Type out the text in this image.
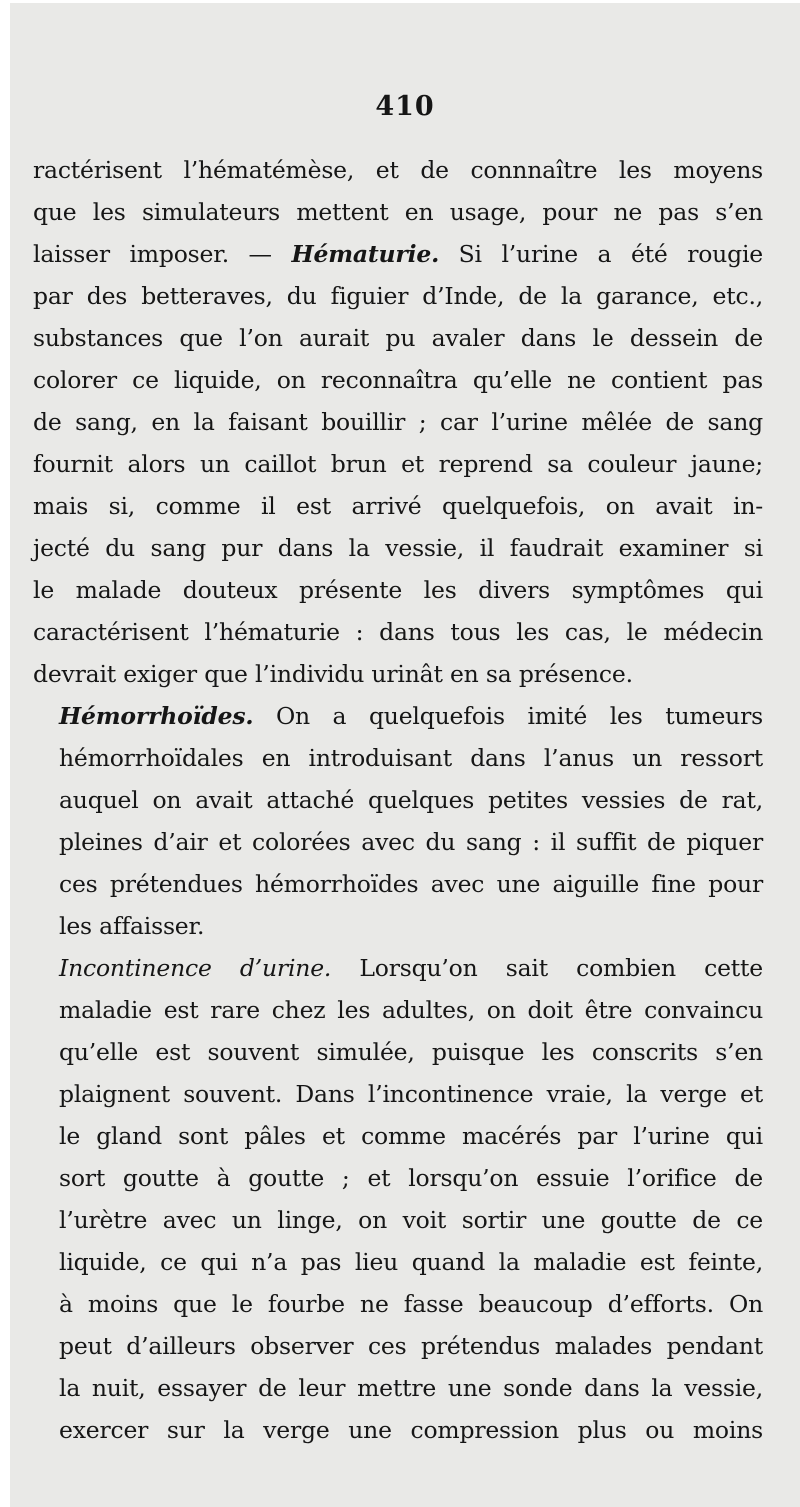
410
ractérisent l’hématémèse, et de connnaître les moyens
que les simulateurs mettent en usage, pour ne pas s’en
laisser imposer. — Hématurie. Si l’urine a été rougie
par des betteraves, du figuier d’Inde, de la garance, etc.,
substances que l’on aurait pu avaler dans le dessein de
colorer ce liquide, on reconnaîtra qu’elle ne contient pas
de sang, en la faisant bouillir ; car l’urine mêlée de sang
fournit alors un caillot brun et reprend sa couleur jaune;
mais si, comme il est arrivé quelquefois, on avait in-
jecté du sang pur dans la vessie, il faudrait examiner si
le malade douteux présente les divers symptômes qui
caractérisent l’hématurie : dans tous les cas, le médecin
devrait exiger que l’individu urinât en sa présence.
Hémorrhoïdes. On a quelquefois imité les tumeurs
hémorrhoïdales en introduisant dans l’anus un ressort
auquel on avait attaché quelques petites vessies de rat,
pleines d’air et colorées avec du sang : il suffit de piquer
ces prétendues hémorrhoïdes avec une aiguille fine pour
les affaisser.
Incontinence d’urine. Lorsqu’on sait combien cette
maladie est rare chez les adultes, on doit être convaincu
qu’elle est souvent simulée, puisque les conscrits s’en
plaignent souvent. Dans l’incontinence vraie, la verge et
le gland sont pâles et comme macérés par l’urine qui
sort goutte à goutte ; et lorsqu’on essuie l’orifice de
l’urètre avec un linge, on voit sortir une goutte de ce
liquide, ce qui n’a pas lieu quand la maladie est feinte,
à moins que le fourbe ne fasse beaucoup d’efforts. On
peut d’ailleurs observer ces prétendus malades pendant
la nuit, essayer de leur mettre une sonde dans la vessie,
exercer sur la verge une compression plus ou moins
